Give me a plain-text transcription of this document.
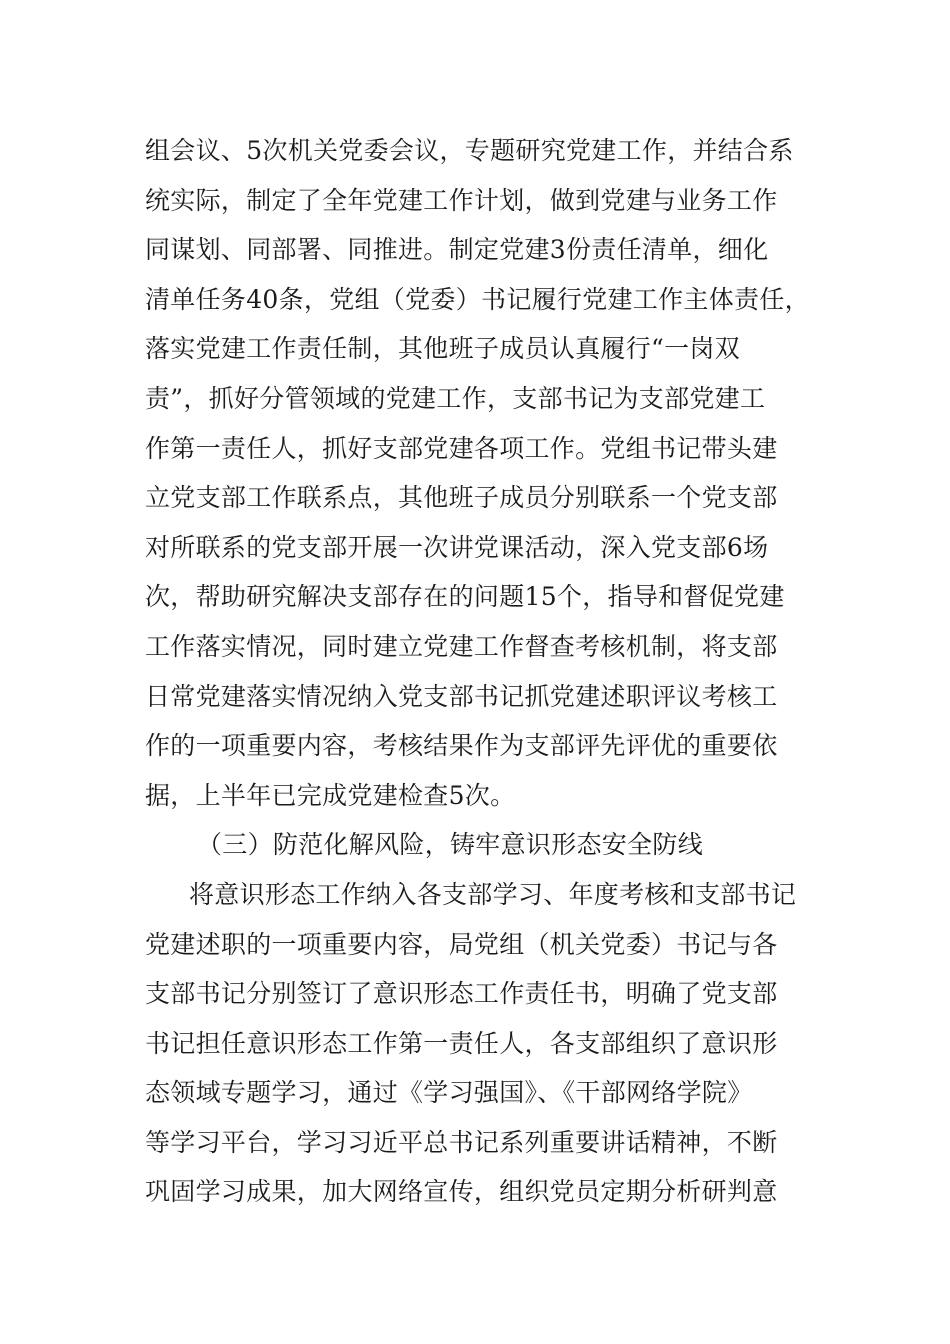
组会议、5次机关党委会议，专题研究党建工作，并结合系
统实际，制定了全年党建工作计划，做到党建与业务工作
同谋划、同部署、同推进。制定党建3份责任清单，细化
清单任务40条，党组（党委）书记履行党建工作主体责任，
落实党建工作责任制，其他班子成员认真履行“一岗双
责”，抓好分管领域的党建工作，支部书记为支部党建工
作第一责任人，抓好支部党建各项工作。党组书记带头建
立党支部工作联系点，其他班子成员分别联系一个党支部
对所联系的党支部开展一次讲党课活动，深入党支部6场
次，帮助研究解决支部存在的问题15个，指导和督促党建
工作落实情况，同时建立党建工作督查考核机制，将支部
日常党建落实情况纳入党支部书记抓党建述职评议考核工
作的一项重要内容，考核结果作为支部评先评优的重要依
据，上半年已完成党建检查5次。
（三）防范化解风险，铸牢意识形态安全防线
将意识形态工作纳入各支部学习、年度考核和支部书记
党建述职的一项重要内容，局党组（机关党委）书记与各
支部书记分别签订了意识形态工作责任书，明确了党支部
书记担任意识形态工作第一责任人，各支部组织了意识形
态领域专题学习，通过《学习强国》、《干部网络学院》
等学习平台，学习习近平总书记系列重要讲话精神，不断
巩固学习成果，加大网络宣传，组织党员定期分析研判意
